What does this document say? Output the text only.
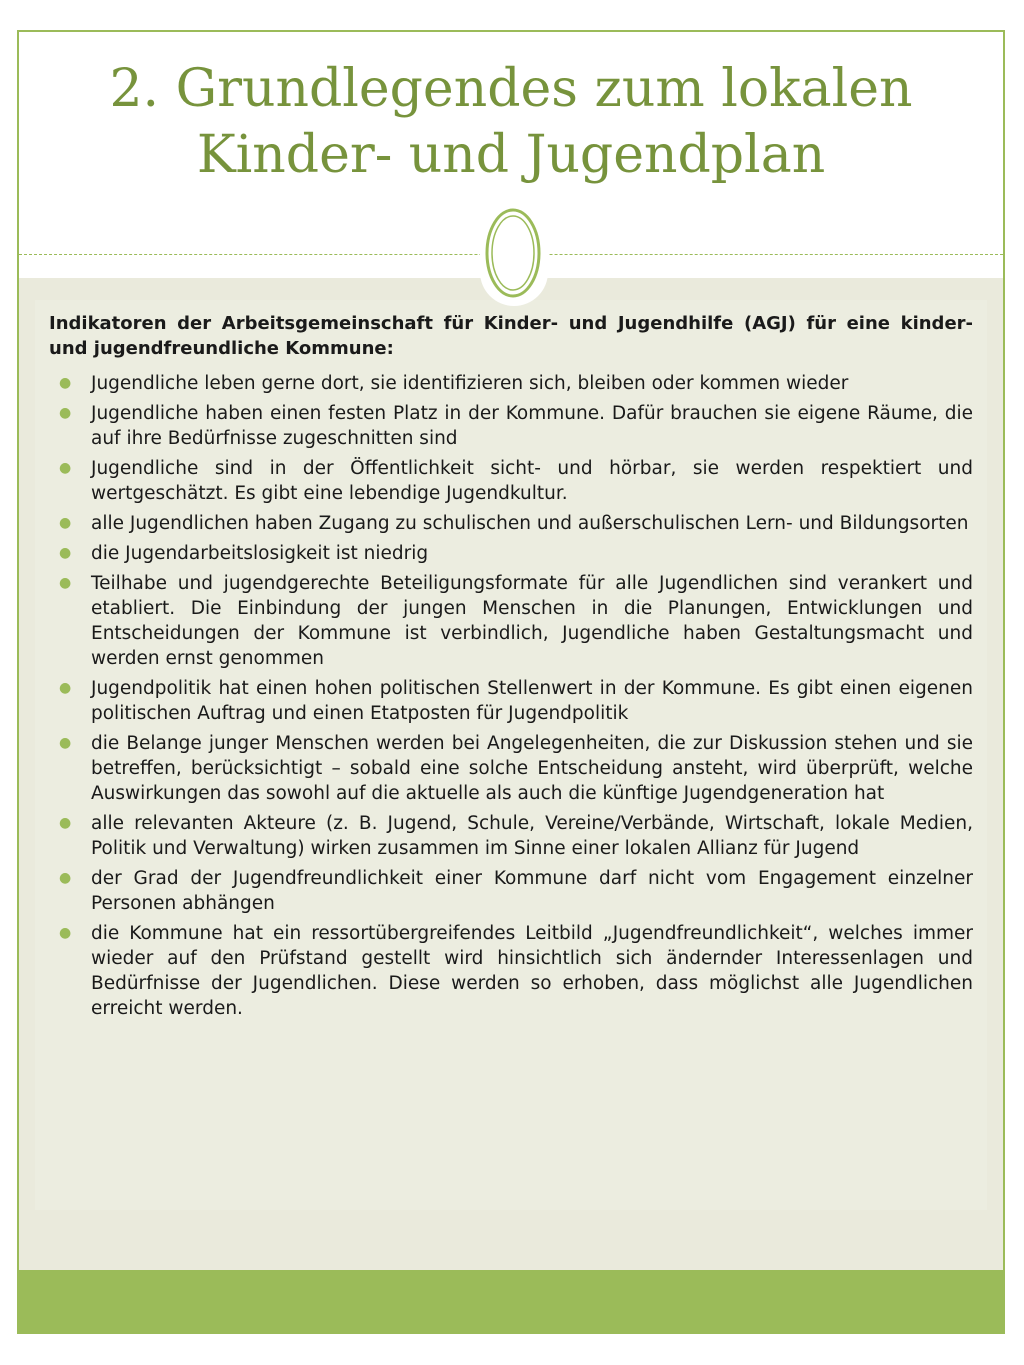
2. Grundlegendes zum lokalen
Kinder- und Jugendplan

Indikatoren der Arbeitsgemeinschaft für Kinder- und Jugendhilfe (AGJ) für eine kinder- und jugendfreundliche Kommune:

● Jugendliche leben gerne dort, sie identifizieren sich, bleiben oder kommen wieder
● Jugendliche haben einen festen Platz in der Kommune. Dafür brauchen sie eigene Räume, die auf ihre Bedürfnisse zugeschnitten sind
● Jugendliche sind in der Öffentlichkeit sicht- und hörbar, sie werden respektiert und wertgeschätzt. Es gibt eine lebendige Jugendkultur.
● alle Jugendlichen haben Zugang zu schulischen und außerschulischen Lern- und Bildungsorten
● die Jugendarbeitslosigkeit ist niedrig
● Teilhabe und jugendgerechte Beteiligungsformate für alle Jugendlichen sind verankert und etabliert. Die Einbindung der jungen Menschen in die Planungen, Entwicklungen und Entscheidungen der Kommune ist verbindlich, Jugendliche haben Gestaltungsmacht und werden ernst genommen
● Jugendpolitik hat einen hohen politischen Stellenwert in der Kommune. Es gibt einen eigenen politischen Auftrag und einen Etatposten für Jugendpolitik
● die Belange junger Menschen werden bei Angelegenheiten, die zur Diskussion stehen und sie betreffen, berücksichtigt – sobald eine solche Entscheidung ansteht, wird überprüft, welche Auswirkungen das sowohl auf die aktuelle als auch die künftige Jugendgeneration hat
● alle relevanten Akteure (z. B. Jugend, Schule, Vereine/Verbände, Wirtschaft, lokale Medien, Politik und Verwaltung) wirken zusammen im Sinne einer lokalen Allianz für Jugend
● der Grad der Jugendfreundlichkeit einer Kommune darf nicht vom Engagement einzelner Personen abhängen
● die Kommune hat ein ressortübergreifendes Leitbild „Jugendfreundlichkeit“, welches immer wieder auf den Prüfstand gestellt wird hinsichtlich sich ändernder Interessenlagen und Bedürfnisse der Jugendlichen. Diese werden so erhoben, dass möglichst alle Jugendlichen erreicht werden.
